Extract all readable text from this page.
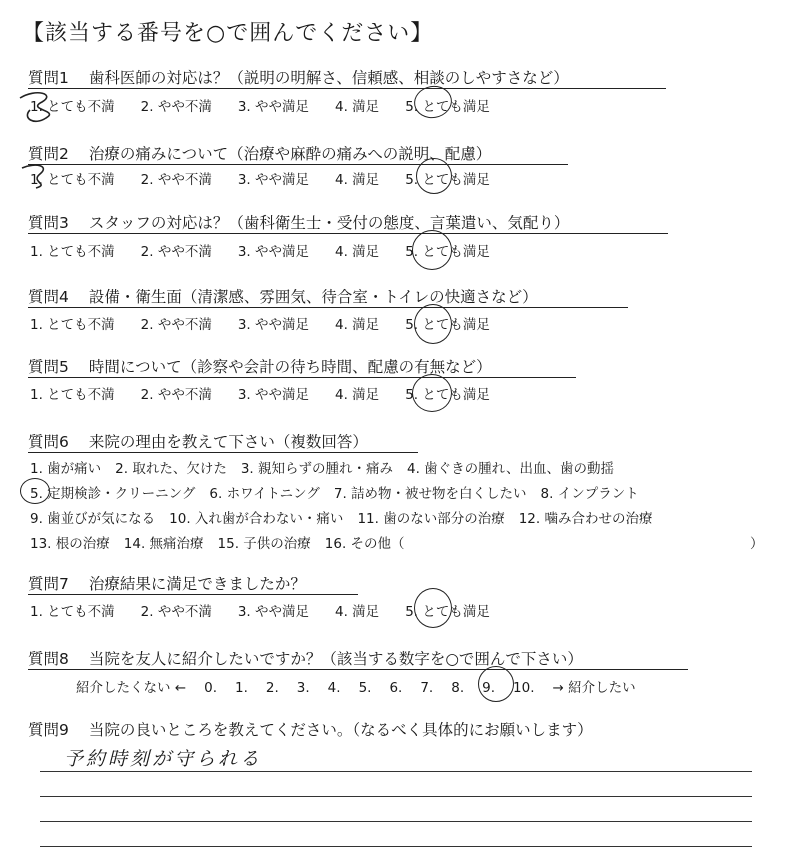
【該当する番号を○で囲んでください】
質問1 歯科医師の対応は？（説明の明解さ、信頼感、相談のしやすさなど）
1. とても不満 2. やや不満 3. やや満足 4. 満足 5. とても満足
質問2 治療の痛みについて（治療や麻酔の痛みへの説明、配慮）
1. とても不満 2. やや不満 3. やや満足 4. 満足 5. とても満足
質問3 スタッフの対応は？（歯科衛生士・受付の態度、言葉遣い、気配り）
1. とても不満 2. やや不満 3. やや満足 4. 満足 5. とても満足
質問4 設備・衛生面（清潔感、雰囲気、待合室・トイレの快適さなど）
1. とても不満 2. やや不満 3. やや満足 4. 満足 5. とても満足
質問5 時間について（診察や会計の待ち時間、配慮の有無など）
1. とても不満 2. やや不満 3. やや満足 4. 満足 5. とても満足
質問6 来院の理由を教えて下さい（複数回答）
1. 歯が痛い 2. 取れた、欠けた 3. 親知らずの腫れ・痛み 4. 歯ぐきの腫れ、出血、歯の動揺
5. 定期検診・クリーニング 6. ホワイトニング 7. 詰め物・被せ物を白くしたい 8. インプラント
9. 歯並びが気になる 10. 入れ歯が合わない・痛い 11. 歯のない部分の治療 12. 噛み合わせの治療
13. 根の治療 14. 無痛治療 15. 子供の治療 16. その他（	）
質問7 治療結果に満足できましたか？
1. とても不満 2. やや不満 3. やや満足 4. 満足 5. とても満足
質問8 当院を友人に紹介したいですか？（該当する数字を○で囲んで下さい）
紹介したくない ← 0. 1. 2. 3. 4. 5. 6. 7. 8. 9. 10. → 紹介したい
質問9 当院の良いところを教えてください。（なるべく具体的にお願いします）
予約時刻が守られる
